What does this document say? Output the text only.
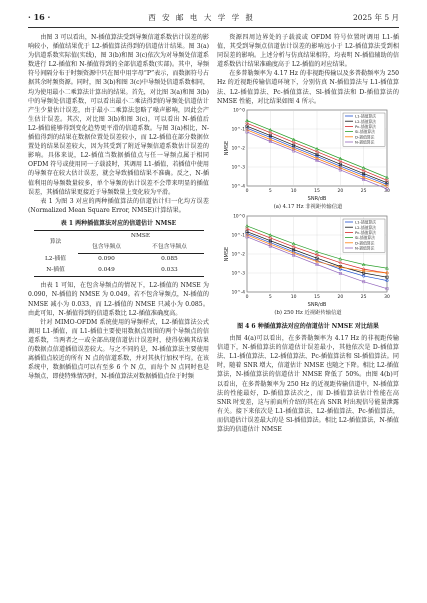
· 16 ·	西 安 邮 电 大 学 学 报	2025 年 5 月

由图 3 可以看出，N-插值算法受到导频信道系数估计误差的影响较小，插值结果优于 L2-插值算法得到的信道估计结果。图 3(a)为信道系数实际值(实线)，图 3(b)和图 3(c)依次为对导频处信道系数进行 L2-插值和 N-插值得到的全部信道系数(实部)。其中，导频符号间隔分布于时频资源中只在图中用字母“P”表示，而数据符号占据其余时频资源。同时，图 3(b)和图 3(c)中导频处信道系数相同，均为使用最小二乘算法计算出的结果。首先，对比图 3(a)和图 3(b)中的导频处信道系数，可以看出最小二乘法得到的导频处信道估计产生少量估计误差，由于最小二乘算法忽略了噪声影响，因此会产生估计误差。其次，对比图 3(b)和图 3(c)，可以看出 N-插值后 L2-插值能够得到变化趋势更平滑的信道系数。与图 3(a)相比，N-插值得到的结果在数据位置处误差较小，而 L2-插值在部分数据位置处的结果误差较大，因为其受到了附近导频信道系数估计误差的影响。具体来说，L2-插值当数据插值点与任一导频点属于相同 OFDM 符号或使用同一子载波时，其调用 L1-插值，若插值中使用的导频存在较大估计误差，就会导致插值结果不准确。反之，N-插值利用的导频数量较多，单个导频的估计误差不会带来明显的插值误差，其插值结果更接近于导频数量上变化较为平滑。

表 1 为图 3 对应的两种插值算法的信道估计归一化均方误差(Normalized Mean Square Error, NMSE)计算结果。

表 1 两种插值算法对应的信道估计 NMSE
算法	NMSE	
	包含导频点	不包含导频点
L2-插值	0.090	0.085
N-插值	0.049	0.033

由表 1 可知，在包含导频点的情况下，L2-插值的 NMSE 为 0.090，N-插值的 NMSE 为 0.049。若不包含导频点，N-插值的 NMSE 减小为 0.033，而 L2-插值的 NMSE 只减小为 0.085。由此可知，N-插值得到的信道系数比 L2-插值准确度高。

针对 MIMO-OFDM 系统使用的导频样式，L2-插值算法公式调用 L1-插值，而 L1-插值主要使用数据点周围的两个导频点的信道系数，当两者之一或全部出现信道估计误差时，使得依赖其结果的数据点信道插值误差较大。与之不同的是，N-插值算法主要使用离插值点较近的所有 N 点的信道系数，并对其执行加权平均。在该系统中，数据插值点可以有至多 6 个 N 点，而每个 N 点同时也是导频点，即使特殊情况时，N-插值算法对数据插值点位于时频

资源四周边界处的子载波或 OFDM 符号位置时调用 L1-插值，其受到导频点信道估计误差的影响远小于 L2-插值算法受到相同误差的影响。上述分析与仿真结果相符，均表明 N-插值辅助的信道系数估计结果准确度高于 L2-插值的对应结果。

在多普勒频率为 4.17 Hz 的非视距传输以及多普勒频率为 250 Hz 的近视距传输信道环境下，分别仿真 N-插值算法与 L1-插值算法、L2-插值算法、Pc-插值算法、Sl-插值算法和 D-插值算法的 NMSE 性能，对比结果如图 4 所示。

0	5	10	15	20	25	30
10^-4
10^-3
10^-2
10^-1
10^0
SNR/dB
NMSE
L1-插值算法
L2-插值算法
Pc-插值算法
Sl-插值算法
D-插值算法
N-插值算法
(a) 4.17 Hz 非视距传输信道
0	5	10	15	20	25	30
10^-4
10^-3
10^-2
10^-1
10^0
SNR/dB
NMSE
L1-插值算法
L2-插值算法
Pc-插值算法
Sl-插值算法
D-插值算法
N-插值算法
(b) 250 Hz 近视距传输信道
图 4 6 种插值算法对应的信道估计 NMSE 对比结果

由图 4(a)可以看出，在多普勒频率为 4.17 Hz 的非视距传输信道下，N-插值算法的信道估计误差最小，其他依次是 D-插值算法、L1-插值算法、L2-插值算法、Pc-插值算法和 Sl-插值算法。同时，随着 SNR 增大，信道估计 NMSE 也随之下降。相比 L2-插值算法，N-插值算法的信道估计 NMSE 降低了 50%。由图 4(b)可以看出，在多普勒频率为 250 Hz 的近视距传输信道中，N-插值算法的性能最好，D-插值算法次之，而 D-插值算法估计性能在高 SNR 时变差，这与前面所介绍的其在高 SNR 时出现信号能量泄露有关。接下来依次是 L1-插值算法、L2-插值算法、Pc-插值算法，而信道估计误差最大的是 Sl-插值算法。相比 L2-插值算法，N-插值算法的信道估计 NMSE
